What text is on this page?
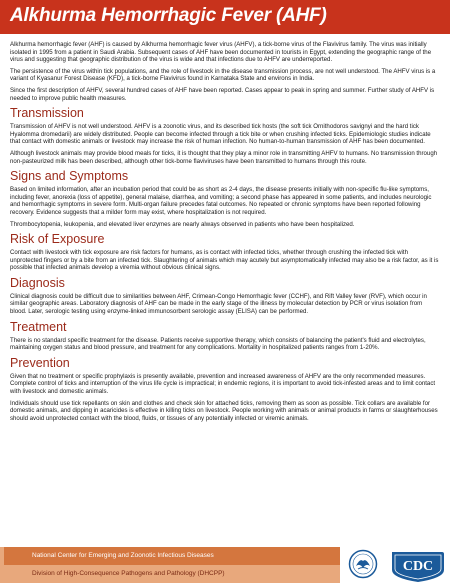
Alkhurma Hemorrhagic Fever (AHF)

Alkhurma hemorrhagic fever (AHF) is caused by Alkhurma hemorrhagic fever virus (AHFV), a tick-borne virus of the Flavivirus family. The virus was initially isolated in 1995 from a patient in Saudi Arabia. Subsequent cases of AHF have been documented in tourists in Egypt, extending the geographic range of the virus and suggesting that geographic distribution of the virus is wide and that infections due to AHFV are underreported.

The persistence of the virus within tick populations, and the role of livestock in the disease transmission process, are not well understood. The AHFV virus is a variant of Kyasanur Forest Disease (KFD), a tick-borne Flavivirus found in Karnataka State and environs in India.

Since the first description of AHFV, several hundred cases of AHF have been reported. Cases appear to peak in spring and summer. Further study of AHFV is needed to improve public health measures.

Transmission

Transmission of AHFV is not well understood. AHFV is a zoonotic virus, and its described tick hosts (the soft tick Ornithodoros savignyi and the hard tick Hyalomma dromedarii) are widely distributed. People can become infected through a tick bite or when crushing infected ticks. Epidemiologic studies indicate that contact with domestic animals or livestock may increase the risk of human infection. No human-to-human transmission of AHF has been documented.

Although livestock animals may provide blood meals for ticks, it is thought that they play a minor role in transmitting AHFV to humans. No transmission through non-pasteurized milk has been described, although other tick-borne flaviviruses have been transmitted to humans through this route.

Signs and Symptoms

Based on limited information, after an incubation period that could be as short as 2-4 days, the disease presents initially with non-specific flu-like symptoms, including fever, anorexia (loss of appetite), general malaise, diarrhea, and vomiting; a second phase has appeared in some patients, and includes neurologic and hemorrhagic symptoms in severe form. Multi-organ failure precedes fatal outcomes. No repeated or chronic symptoms have been reported following recovery. Evidence suggests that a milder form may exist, where hospitalization is not required.

Thrombocytopenia, leukopenia, and elevated liver enzymes are nearly always observed in patients who have been hospitalized.

Risk of Exposure

Contact with livestock with tick exposure are risk factors for humans, as is contact with infected ticks, whether through crushing the infected tick with unprotected fingers or by a bite from an infected tick. Slaughtering of animals which may acutely but asymptomatically infected may also be a risk factor, as it is possible that infected animals develop a viremia without obvious clinical signs.

Diagnosis

Clinical diagnosis could be difficult due to similarities between AHF, Crimean-Congo Hemorrhagic fever (CCHF), and Rift Valley fever (RVF), which occur in similar geographic areas. Laboratory diagnosis of AHF can be made in the early stage of the illness by molecular detection by PCR or virus isolation from blood. Later, serologic testing using enzyme-linked immunosorbent serologic assay (ELISA) can be performed.

Treatment

There is no standard specific treatment for the disease. Patients receive supportive therapy, which consists of balancing the patient's fluid and electrolytes, maintaining oxygen status and blood pressure, and treatment for any complications. Mortality in hospitalized patients ranges from 1-20%.

Prevention

Given that no treatment or specific prophylaxis is presently available, prevention and increased awareness of AHFV are the only recommended measures. Complete control of ticks and interruption of the virus life cycle is impractical; in endemic regions, it is important to avoid tick-infested areas and to limit contact with livestock and domestic animals.

Individuals should use tick repellants on skin and clothes and check skin for attached ticks, removing them as soon as possible. Tick collars are available for domestic animals, and dipping in acaricides is effective in killing ticks on livestock. People working with animals or animal products in farms or slaughterhouses should avoid unprotected contact with the blood, fluids, or tissues of any potentially infected or viremic animals.

National Center for Emerging and Zoonotic Infectious Diseases
Division of High-Consequence Pathogens and Pathology (DHCPP)	CDC
